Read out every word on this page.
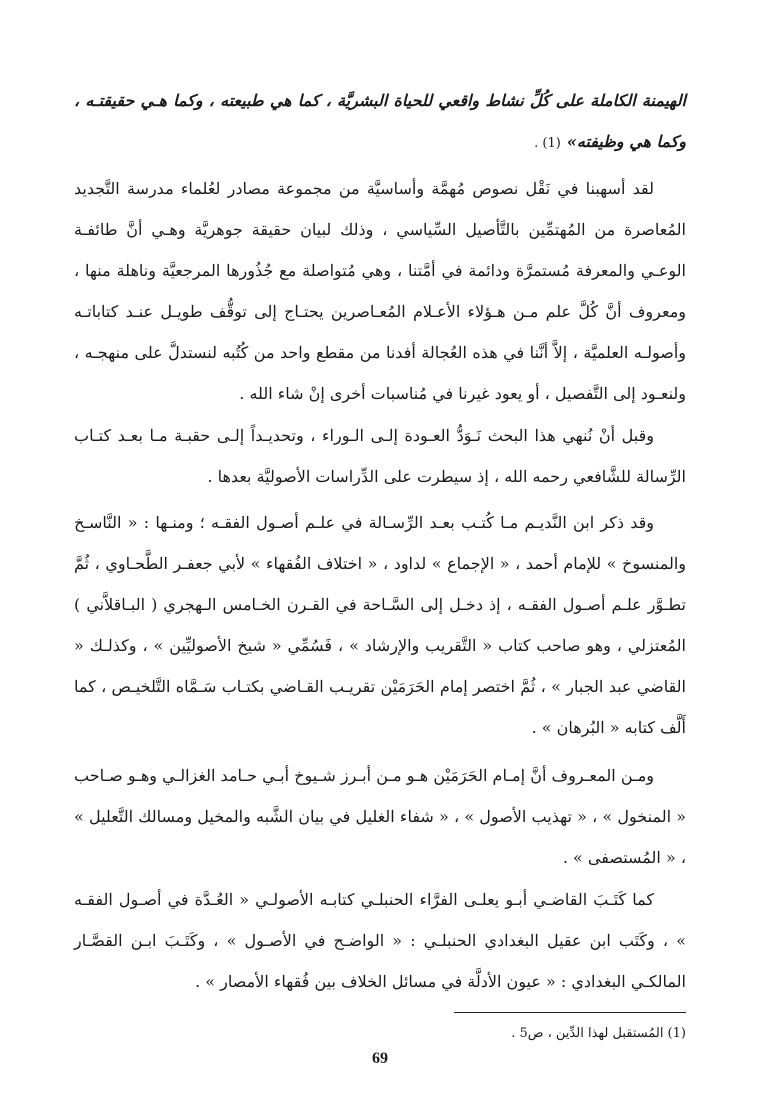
الهيمنة الكاملة على كُلِّ نشاط واقعي للحياة البشريَّة ، كما هي طبيعته ، وكما هـي حقيقتـه ، وكما هي وظيفته»(1) .
لقد أسهبنا في نَقْل نصوص مُهمَّة وأساسيَّة من مجموعة مصادر لعُلماء مدرسة التَّجديد المُعاصرة من المُهتمِّين بالتَّأصيل السِّياسي ، وذلك لبيان حقيقة جوهريَّة وهـي أنَّ طائفـة الوعـي والمعرفة مُستمرَّة ودائمة في أمَّتنا ، وهي مُتواصلة مع جُذُورها المرجعيَّة وناهلة منها ، ومعروف أنَّ كُلَّ علم مـن هـؤلاء الأعـلام المُعـاصرين يحتـاج إلى توقُّف طويـل عنـد كتاباتـه وأصولـه العلميَّة ، إلاَّ أنَّنا في هذه العُجالة أفدنا من مقطع واحد من كُتُبه لنستدلَّ على منهجـه ، ولنعـود إلى التَّفصيل ، أو يعود غيرنا في مُناسبات أخرى إنْ شاء الله .
وقبل أنْ نُنهي هذا البحث نَـوَدُّ العـودة إلـى الـوراء ، وتحديـداً إلـى حقبـة مـا بعـد كتـاب الرِّسالة للشَّافعي رحمه الله ، إذ سيطرت على الدِّراسات الأصوليَّة بعدها .
وقد ذكر ابن النَّديـم مـا كُتـب بعـد الرِّسـالة في علـم أصـول الفقـه ؛ ومنـها : « النَّاسـخ والمنسوخ » للإمام أحمد ، « الإجماع » لداود ، « اختلاف الفُقهاء » لأبي جعفـر الطَّحـاوي ، ثُمَّ تطـوَّر علـم أصـول الفقـه ، إذ دخـل إلى السَّـاحة في القـرن الخـامس الـهجري ( البـاقلاَّني ) المُعتزلي ، وهو صاحب كتاب « التَّقريب والإرشاد » ، فَسُمِّي « شيخ الأصوليِّين » ، وكذلـك « القاضي عبد الجبار » ، ثُمَّ اختصر إمام الحَرَمَيْن تقريـب القـاضي بكتـاب سَـمَّاه التَّلخيـص ، كما أَلَّف كتابه « البُرهان » .
ومـن المعـروف أنَّ إمـام الحَرَمَيْن هـو مـن أبـرز شـيوخ أبـي حـامد الغزالـي وهـو صـاحب « المنخول » ، « تهذيب الأصول » ، « شفاء الغليل في بيان الشَّبه والمخيل ومسالك التَّعليل » ، « المُستصفى » .
كما كَتَـبَ القاضـي أبـو يعلـى الفرَّاء الحنبلـي كتابـه الأصولـي « العُـدَّة في أصـول الفقـه » ، وكَتَب ابن عقيل البغدادي الحنبلـي : « الواضـح في الأصـول » ، وكَتَـبَ ابـن القصَّـار المالكـي البغدادي : « عيون الأدلَّة في مسائل الخلاف بين فُقهاء الأمصار » .
(1) المُستقبل لهذا الدِّين ، ص5 .
69
